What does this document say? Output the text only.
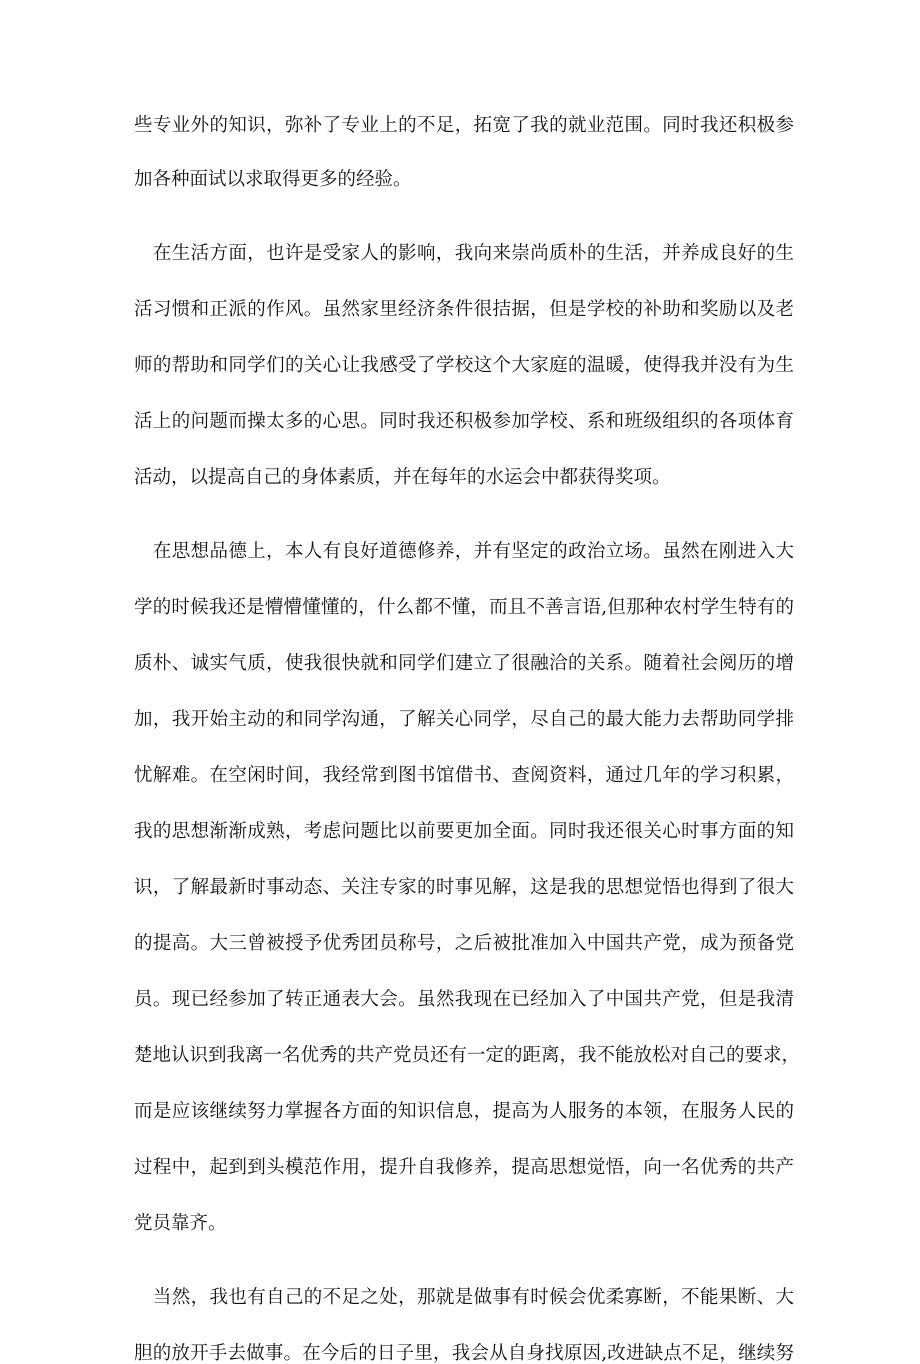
些专业外的知识，弥补了专业上的不足，拓宽了我的就业范围。同时我还积极参
加各种面试以求取得更多的经验。
　在生活方面，也许是受家人的影响，我向来崇尚质朴的生活，并养成良好的生
活习惯和正派的作风。虽然家里经济条件很拮据，但是学校的补助和奖励以及老
师的帮助和同学们的关心让我感受了学校这个大家庭的温暖，使得我并没有为生
活上的问题而操太多的心思。同时我还积极参加学校、系和班级组织的各项体育
活动，以提高自己的身体素质，并在每年的水运会中都获得奖项。
　在思想品德上，本人有良好道德修养，并有坚定的政治立场。虽然在刚进入大
学的时候我还是懵懵懂懂的，什么都不懂，而且不善言语,但那种农村学生特有的
质朴、诚实气质，使我很快就和同学们建立了很融洽的关系。随着社会阅历的增
加，我开始主动的和同学沟通，了解关心同学，尽自己的最大能力去帮助同学排
忧解难。在空闲时间，我经常到图书馆借书、查阅资料，通过几年的学习积累，
我的思想渐渐成熟，考虑问题比以前要更加全面。同时我还很关心时事方面的知
识，了解最新时事动态、关注专家的时事见解，这是我的思想觉悟也得到了很大
的提高。大三曾被授予优秀团员称号，之后被批准加入中国共产党，成为预备党
员。现已经参加了转正通表大会。虽然我现在已经加入了中国共产党，但是我清
楚地认识到我离一名优秀的共产党员还有一定的距离，我不能放松对自己的要求，
而是应该继续努力掌握各方面的知识信息，提高为人服务的本领，在服务人民的
过程中，起到到头模范作用，提升自我修养，提高思想觉悟，向一名优秀的共产
党员靠齐。
　当然，我也有自己的不足之处，那就是做事有时候会优柔寡断，不能果断、大
胆的放开手去做事。在今后的日子里，我会从自身找原因,改进缺点不足，继续努
